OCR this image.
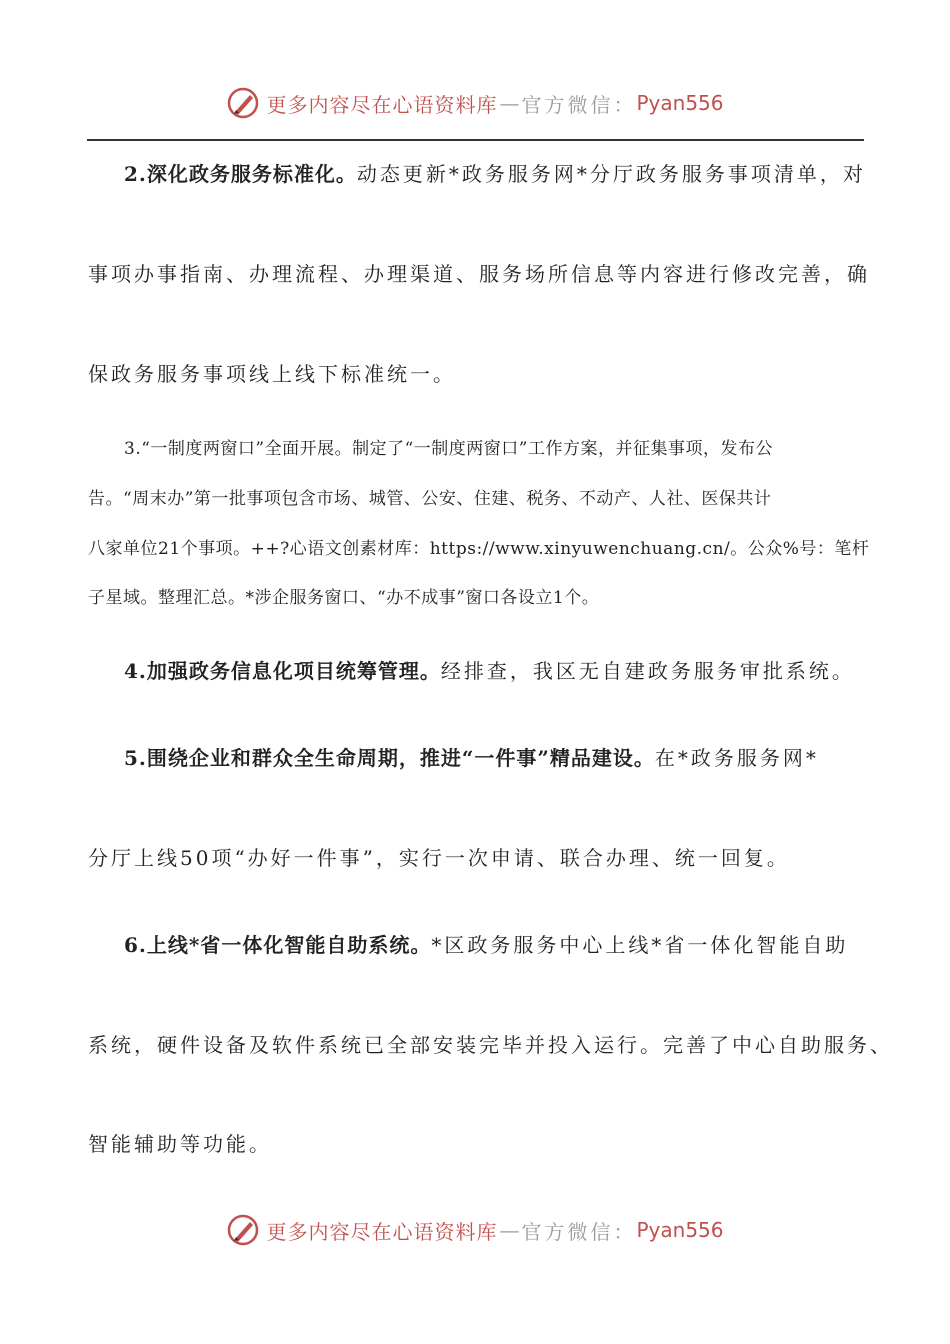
更多内容尽在心语资料库 — 官方微信： Pyan556
2.深化政务服务标准化。动态更新*政务服务网*分厅政务服务事项清单，对
事项办事指南、办理流程、办理渠道、服务场所信息等内容进行修改完善，确
保政务服务事项线上线下标准统一。
3.“一制度两窗口”全面开展。制定了“一制度两窗口”工作方案，并征集事项，发布公
告。“周末办”第一批事项包含市场、城管、公安、住建、税务、不动产、人社、医保共计
八家单位21个事项。++?心语文创素材库：https://www.xinyuwenchuang.cn/。公众%号：笔杆
子星域。整理汇总。*涉企服务窗口、“办不成事”窗口各设立1个。
4.加强政务信息化项目统筹管理。经排查，我区无自建政务服务审批系统。
5.围绕企业和群众全生命周期，推进“一件事”精品建设。在*政务服务网*
分厅上线50项“办好一件事”，实行一次申请、联合办理、统一回复。
6.上线*省一体化智能自助系统。*区政务服务中心上线*省一体化智能自助
系统，硬件设备及软件系统已全部安装完毕并投入运行。完善了中心自助服务、
智能辅助等功能。
更多内容尽在心语资料库 — 官方微信： Pyan556
